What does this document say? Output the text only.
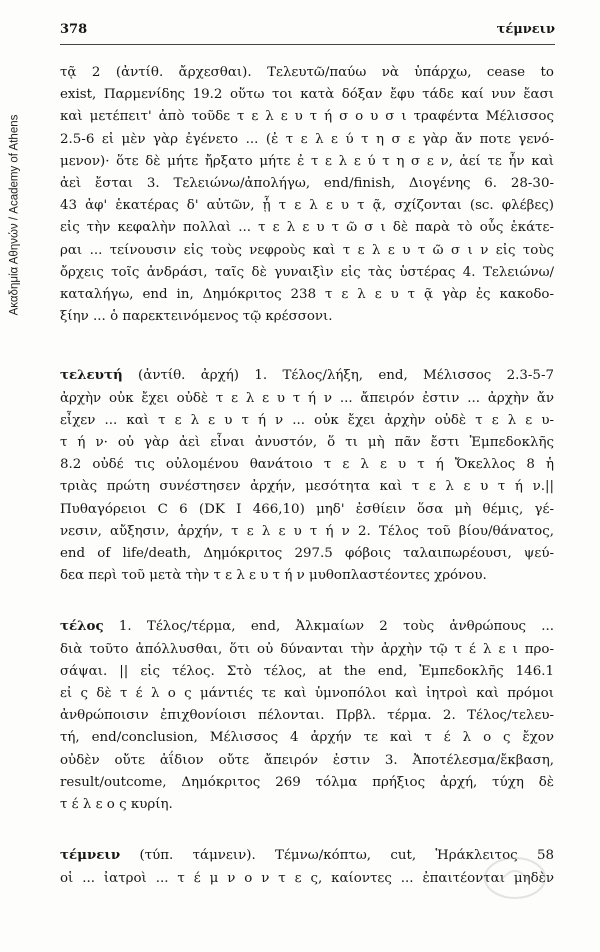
Ακαδημία Αθηνών / Academy of Athens
378	τέμνειν
τᾷ 2 (ἀντίθ. ἄρχεσθαι). Τελευτῶ/παύω νὰ ὑπάρχω, cease to
exist, Παρμενίδης 19.2 οὕτω τοι κατὰ δόξαν ἔφυ τάδε καί νυν ἔασι
καὶ μετέπειτ' ἀπὸ τοῦδε τ ε λ ε υ τ ή σ ο υ σ ι τραφέντα Μέλισσος
2.5-6 εἰ μὲν γὰρ ἐγένετο ... (ἐ τ ε λ ε ύ τ η σ ε γὰρ ἄν ποτε γενό-
μενον)· ὅτε δὲ μήτε ἤρξατο μήτε ἐ τ ε λ ε ύ τ η σ ε ν, ἀεί τε ἦν καὶ
ἀεὶ ἔσται 3. Τελειώνω/ἀπολήγω, end/finish, Διογένης 6. 28-30-
43 ἀφ' ἑκατέρας δ' αὐτῶν, ᾗ τ ε λ ε υ τ ᾷ, σχίζονται (sc. φλέβες)
εἰς τὴν κεφαλὴν πολλαὶ ... τ ε λ ε υ τ ῶ σ ι δὲ παρὰ τὸ οὖς ἑκάτε-
ραι ... τείνουσιν εἰς τοὺς νεφροὺς καὶ τ ε λ ε υ τ ῶ σ ι ν εἰς τοὺς
ὄρχεις τοῖς ἀνδράσι, ταῖς δὲ γυναιξὶν εἰς τὰς ὑστέρας 4. Τελειώνω/
καταλήγω, end in, Δημόκριτος 238 τ ε λ ε υ τ ᾷ γὰρ ἐς κακοδο-
ξίην ... ὁ παρεκτεινόμενος τῷ κρέσσονι.
τελευτή (ἀντίθ. ἀρχή) 1. Τέλος/λήξη, end, Μέλισσος 2.3-5-7
ἀρχὴν οὐκ ἔχει οὐδὲ τ ε λ ε υ τ ή ν ... ἄπειρόν ἐστιν ... ἀρχὴν ἄν
εἶχεν ... καὶ τ ε λ ε υ τ ή ν ... οὐκ ἔχει ἀρχὴν οὐδὲ τ ε λ ε υ-
τ ή ν· οὐ γὰρ ἀεὶ εἶναι ἀνυστόν, ὅ τι μὴ πᾶν ἔστι Ἐμπεδοκλῆς
8.2 οὐδέ τις οὐλομένου θανάτοιο τ ε λ ε υ τ ή Ὄκελλος 8 ἡ
τριὰς πρώτη συνέστησεν ἀρχήν, μεσότητα καὶ τ ε λ ε υ τ ή ν.||
Πυθαγόρειοι C 6 (DK I 466,10) μηδ' ἐσθίειν ὅσα μὴ θέμις, γέ-
νεσιν, αὔξησιν, ἀρχήν, τ ε λ ε υ τ ή ν 2. Τέλος τοῦ βίου/θάνατος,
end of life/death, Δημόκριτος 297.5 φόβοις ταλαιπωρέουσι, ψεύ-
δεα περὶ τοῦ μετὰ τὴν τ ε λ ε υ τ ή ν μυθοπλαστέοντες χρόνου.
τέλος 1. Τέλος/τέρμα, end, Ἀλκμαίων 2 τοὺς ἀνθρώπους ...
διὰ τοῦτο ἀπόλλυσθαι, ὅτι οὐ δύνανται τὴν ἀρχὴν τῷ τ έ λ ε ι προ-
σάψαι. || εἰς τέλος. Στὸ τέλος, at the end, Ἐμπεδοκλῆς 146.1
εἰ ς δὲ τ έ λ ο ς μάντιές τε καὶ ὑμνοπόλοι καὶ ἰητροὶ καὶ πρόμοι
ἀνθρώποισιν ἐπιχθονίοισι πέλονται. Πρβλ. τέρμα. 2. Τέλος/τελευ-
τή, end/conclusion, Μέλισσος 4 ἀρχήν τε καὶ τ έ λ ο ς ἔχον
οὐδὲν οὔτε ἀΐδιον οὔτε ἄπειρόν ἐστιν 3. Ἀποτέλεσμα/ἔκβαση,
result/outcome, Δημόκριτος 269 τόλμα πρήξιος ἀρχή, τύχη δὲ
τ έ λ ε ο ς κυρίη.
τέμνειν (τύπ. τάμνειν). Τέμνω/κόπτω, cut, Ἡράκλειτος 58
οἱ ... ἰατροὶ ... τ έ μ ν ο ν τ ε ς, καίοντες ... ἐπαιτέονται μηδὲν
